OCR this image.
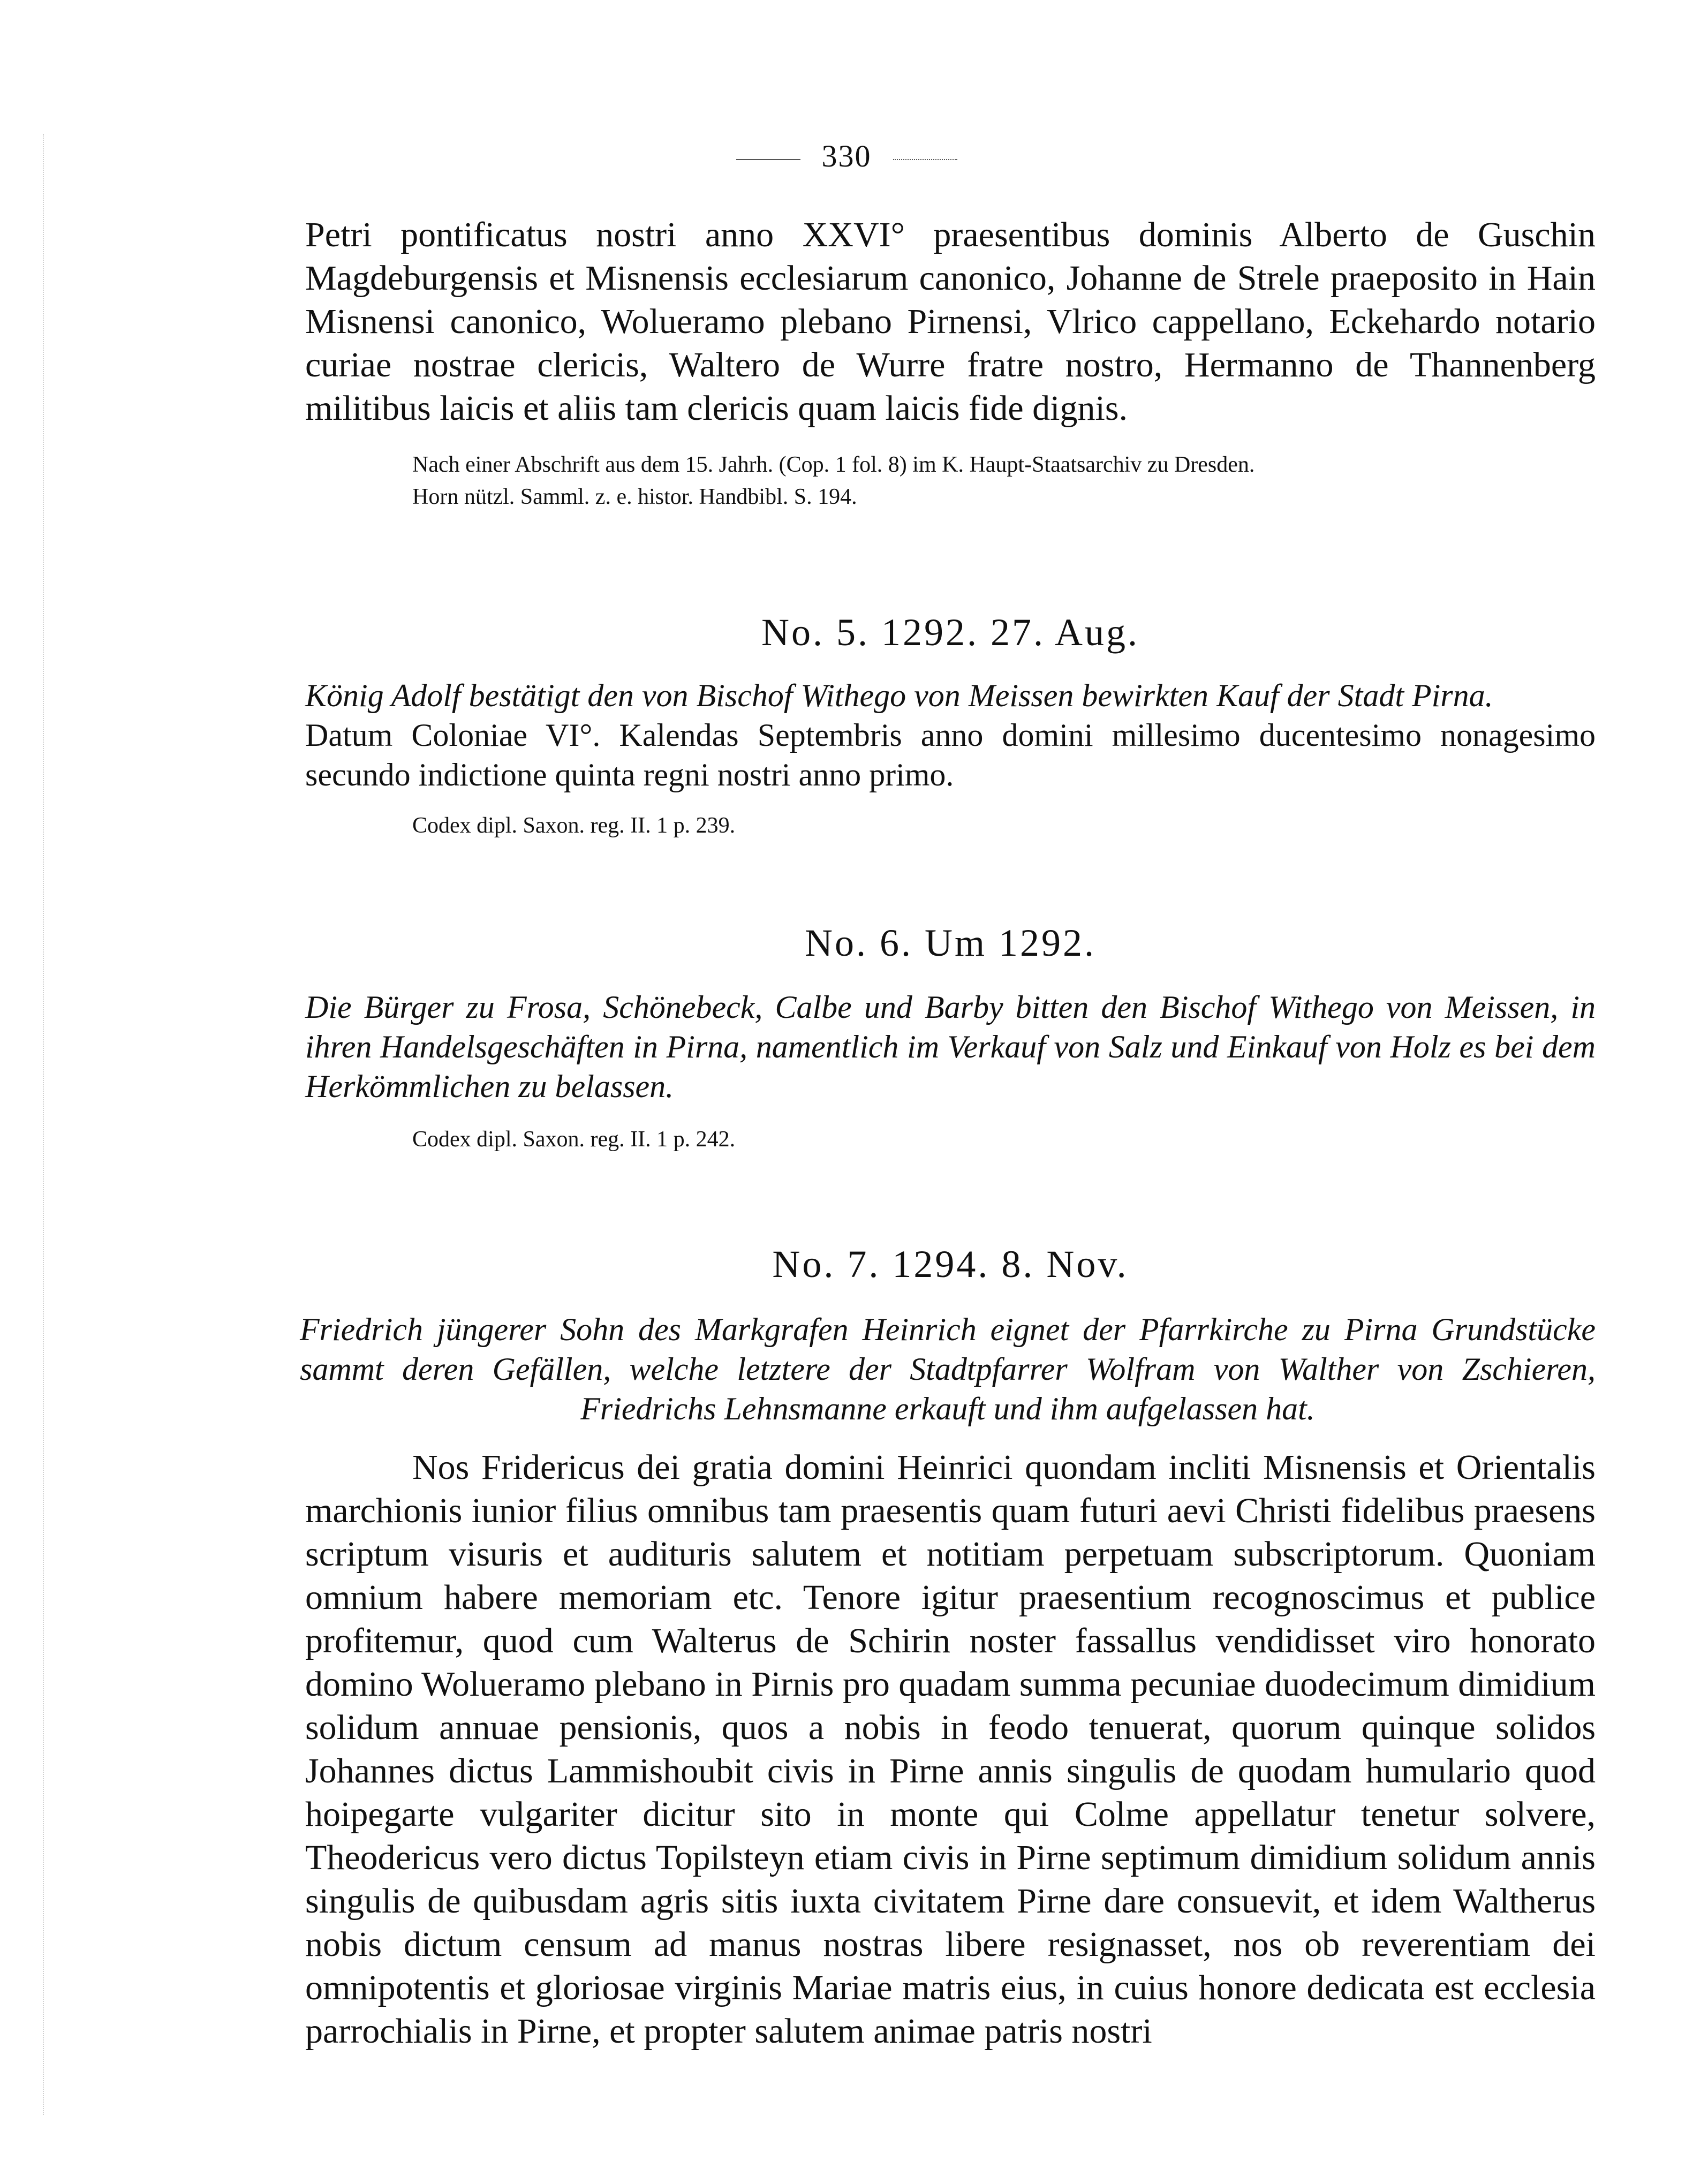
330

Petri pontificatus nostri anno XXVI° praesentibus dominis Alberto de Guschin Magdeburgensis et Misnensis ecclesiarum canonico, Johanne de Strele praeposito in Hain Misnensi canonico, Wolueramo plebano Pirnensi, Vlrico cappellano, Eckehardo notario curiae nostrae clericis, Waltero de Wurre fratre nostro, Hermanno de Thannenberg militibus laicis et aliis tam clericis quam laicis fide dignis.

Nach einer Abschrift aus dem 15. Jahrh. (Cop. 1 fol. 8) im K. Haupt-Staatsarchiv zu Dresden.

Horn nützl. Samml. z. e. histor. Handbibl. S. 194.

No. 5. 1292. 27. Aug.

König Adolf bestätigt den von Bischof Withego von Meissen bewirkten Kauf der Stadt Pirna.

Datum Coloniae VI°. Kalendas Septembris anno domini millesimo ducentesimo nonagesimo secundo indictione quinta regni nostri anno primo.

Codex dipl. Saxon. reg. II. 1 p. 239.

No. 6. Um 1292.

Die Bürger zu Frosa, Schönebeck, Calbe und Barby bitten den Bischof Withego von Meissen, in ihren Handelsgeschäften in Pirna, namentlich im Verkauf von Salz und Einkauf von Holz es bei dem Herkömmlichen zu belassen.

Codex dipl. Saxon. reg. II. 1 p. 242.

No. 7. 1294. 8. Nov.

Friedrich jüngerer Sohn des Markgrafen Heinrich eignet der Pfarrkirche zu Pirna Grundstücke sammt deren Gefällen, welche letztere der Stadtpfarrer Wolfram von Walther von Zschieren, Friedrichs Lehnsmanne erkauft und ihm aufgelassen hat.

Nos Fridericus dei gratia domini Heinrici quondam incliti Misnensis et Orientalis marchionis iunior filius omnibus tam praesentis quam futuri aevi Christi fidelibus praesens scriptum visuris et audituris salutem et notitiam perpetuam subscriptorum. Quoniam omnium habere memoriam etc. Tenore igitur praesentium recognoscimus et publice profitemur, quod cum Walterus de Schirin noster fassallus vendidisset viro honorato domino Wolueramo plebano in Pirnis pro quadam summa pecuniae duodecimum dimidium solidum annuae pensionis, quos a nobis in feodo tenuerat, quorum quinque solidos Johannes dictus Lammishoubit civis in Pirne annis singulis de quodam humulario quod hoipegarte vulgariter dicitur sito in monte qui Colme appellatur tenetur solvere, Theodericus vero dictus Topilsteyn etiam civis in Pirne septimum dimidium solidum annis singulis de quibusdam agris sitis iuxta civitatem Pirne dare consuevit, et idem Waltherus nobis dictum censum ad manus nostras libere resignasset, nos ob reverentiam dei omnipotentis et gloriosae virginis Mariae matris eius, in cuius honore dedicata est ecclesia parrochialis in Pirne, et propter salutem animae patris nostri
